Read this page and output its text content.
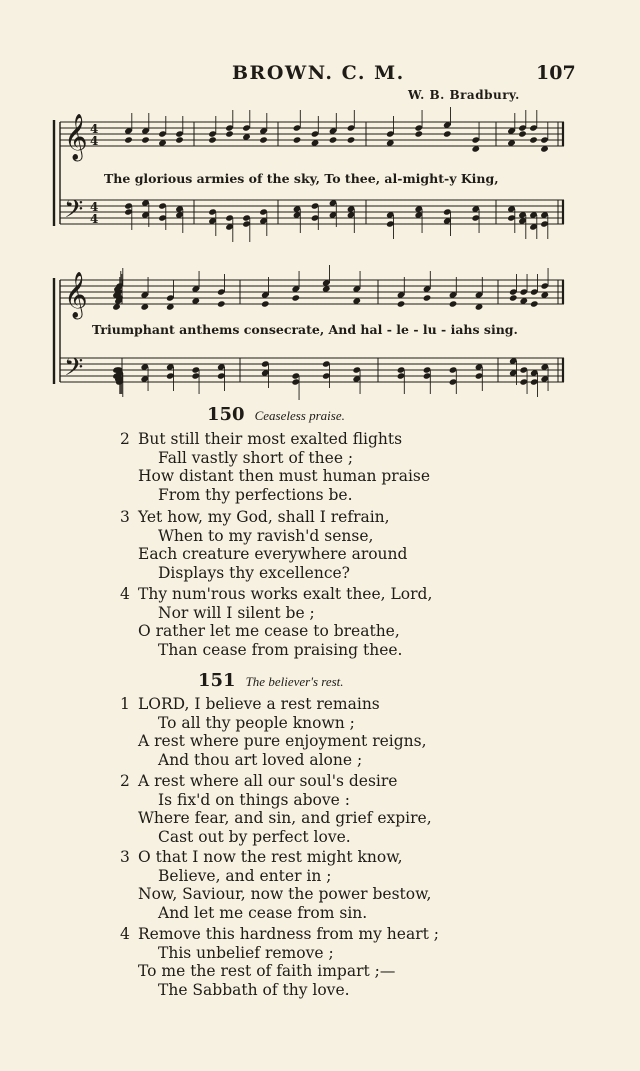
BROWN. C. M.	107
W. B. Bradbury.
𝄞
𝄢
4
4
4
4
The glorious armies of the sky, To thee, al-might-y King,
𝄞
𝄢
Triumphant anthems consecrate, And hal - le - lu - iahs sing.
150 Ceaseless praise.
2 But still their most exalted flights
Fall vastly short of thee ;
How distant then must human praise
From thy perfections be.
3 Yet how, my God, shall I refrain,
When to my ravish'd sense,
Each creature everywhere around
Displays thy excellence?
4 Thy num'rous works exalt thee, Lord,
Nor will I silent be ;
O rather let me cease to breathe,
Than cease from praising thee.
151 The believer's rest.
1 LORD, I believe a rest remains
To all thy people known ;
A rest where pure enjoyment reigns,
And thou art loved alone ;
2 A rest where all our soul's desire
Is fix'd on things above :
Where fear, and sin, and grief expire,
Cast out by perfect love.
3 O that I now the rest might know,
Believe, and enter in ;
Now, Saviour, now the power bestow,
And let me cease from sin.
4 Remove this hardness from my heart ;
This unbelief remove ;
To me the rest of faith impart ;—
The Sabbath of thy love.
